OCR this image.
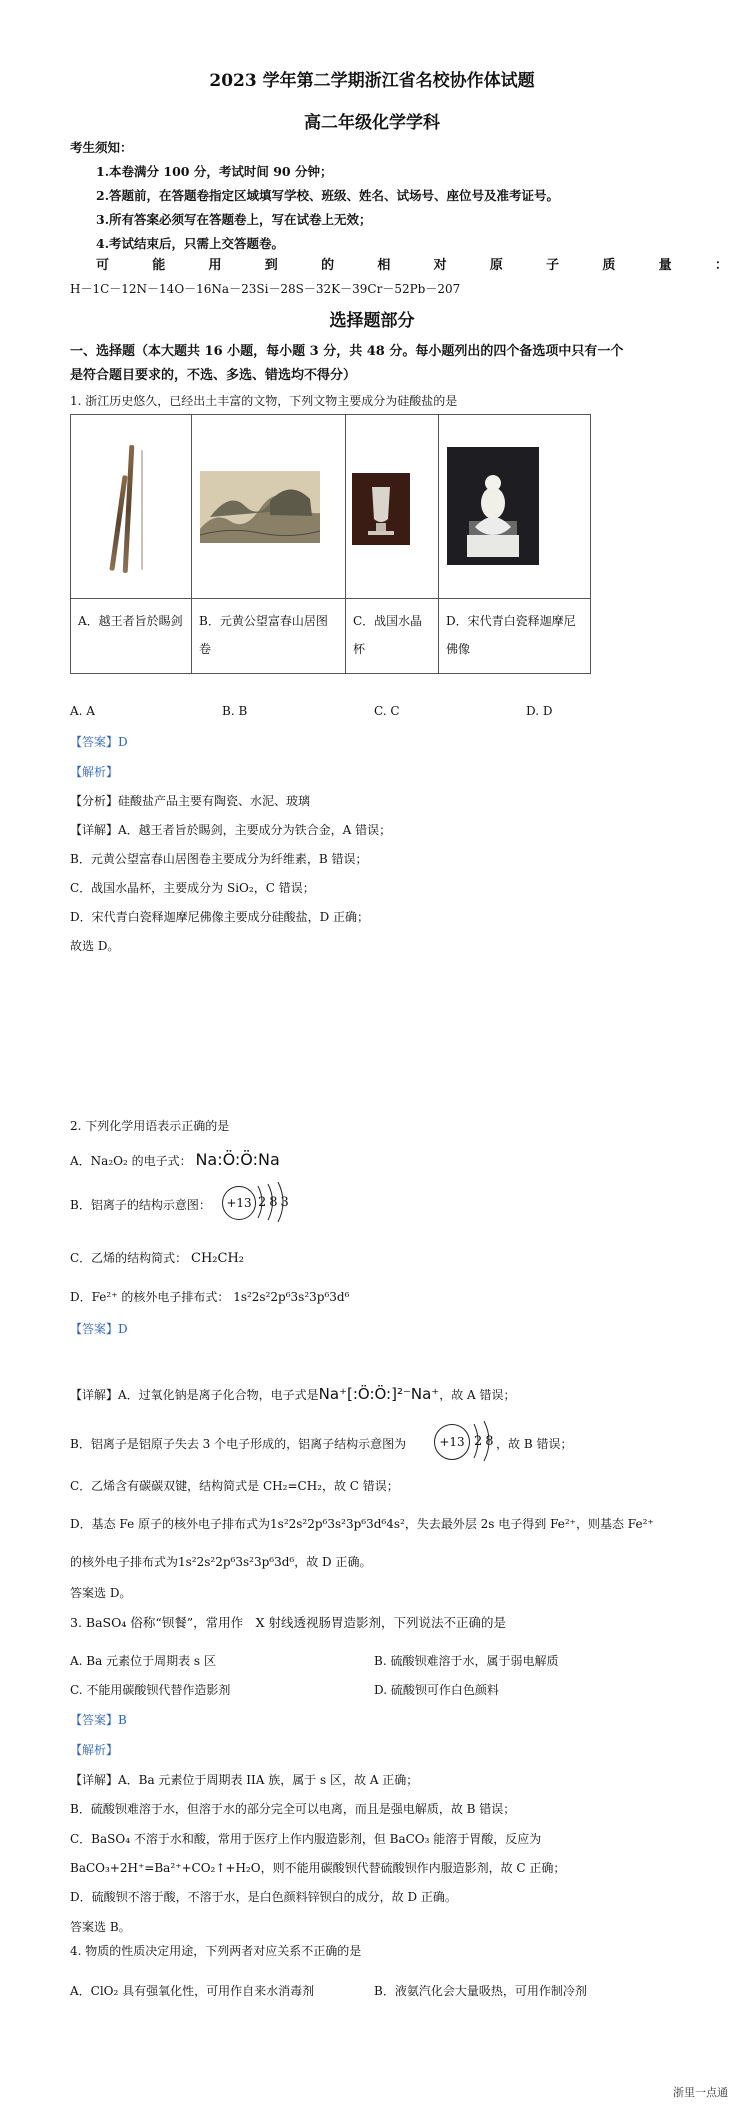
2023 学年第二学期浙江省名校协作体试题
高二年级化学学科
考生须知：
1.本卷满分 100 分，考试时间 90 分钟；
2.答题前，在答题卷指定区域填写学校、班级、姓名、试场号、座位号及准考证号。
3.所有答案必须写在答题卷上，写在试卷上无效；
4.考试结束后，只需上交答题卷。
可	能	用	到	的	相	对	原	子	质	量	：
H－1C－12N－14O－16Na－23Si－28S－32K－39Cr－52Pb－207
选择题部分
一、选择题（本大题共 16 小题，每小题 3 分，共 48 分。每小题列出的四个备选项中只有一个
是符合题目要求的，不选、多选、错选均不得分）
1. 浙江历史悠久，已经出土丰富的文物，下列文物主要成分为硅酸盐的是

A．越王者旨於睗剑	B．元黄公望富春山居图卷	C．战国水晶杯	D．宋代青白瓷释迦摩尼佛像
A. A	B. B	C. C	D. D
【答案】D
【解析】
【分析】硅酸盐产品主要有陶瓷、水泥、玻璃
【详解】A．越王者旨於睗剑，主要成分为铁合金，A 错误；
B．元黄公望富春山居图卷主要成分为纤维素，B 错误；
C．战国水晶杯，主要成分为 SiO₂，C 错误；
D．宋代青白瓷释迦摩尼佛像主要成分硅酸盐，D 正确；
故选 D。
2. 下列化学用语表示正确的是
A．Na₂O₂ 的电子式： Na:Ö:Ö:Na
B．铝离子的结构示意图：	+13 283
C．乙烯的结构简式： CH₂CH₂
D．Fe²⁺ 的核外电子排布式： 1s²2s²2p⁶3s²3p⁶3d⁶
【答案】D
【详解】A．过氧化钠是离子化合物，电子式是Na⁺[:Ö:Ö:]²⁻Na⁺，故 A 错误；
B．铝离子是铝原子失去 3 个电子形成的，铝离子结构示意图为	+13 28 ，故 B 错误；
C．乙烯含有碳碳双键，结构简式是 CH₂=CH₂，故 C 错误；
D．基态 Fe 原子的核外电子排布式为1s²2s²2p⁶3s²3p⁶3d⁶4s²，失去最外层 2s 电子得到 Fe²⁺，则基态 Fe²⁺
的核外电子排布式为1s²2s²2p⁶3s²3p⁶3d⁶，故 D 正确。
答案选 D。
3. BaSO₄ 俗称“钡餐”，常用作　X 射线透视肠胃造影剂，下列说法不正确的是
A. Ba 元素位于周期表 s 区	B. 硫酸钡难溶于水，属于弱电解质
C. 不能用碳酸钡代替作造影剂	D. 硫酸钡可作白色颜料
【答案】B
【解析】
【详解】A．Ba 元素位于周期表 IIA 族，属于 s 区，故 A 正确；
B．硫酸钡难溶于水，但溶于水的部分完全可以电离，而且是强电解质，故 B 错误；
C．BaSO₄ 不溶于水和酸，常用于医疗上作内服造影剂，但 BaCO₃ 能溶于胃酸，反应为
BaCO₃+2H⁺=Ba²⁺+CO₂↑+H₂O，则不能用碳酸钡代替硫酸钡作内服造影剂，故 C 正确；
D．硫酸钡不溶于酸，不溶于水，是白色颜料锌钡白的成分，故 D 正确。
答案选 B。
4. 物质的性质决定用途，下列两者对应关系不正确的是
A．ClO₂ 具有强氧化性，可用作自来水消毒剂	B．液氨汽化会大量吸热，可用作制冷剂
浙里一点通
